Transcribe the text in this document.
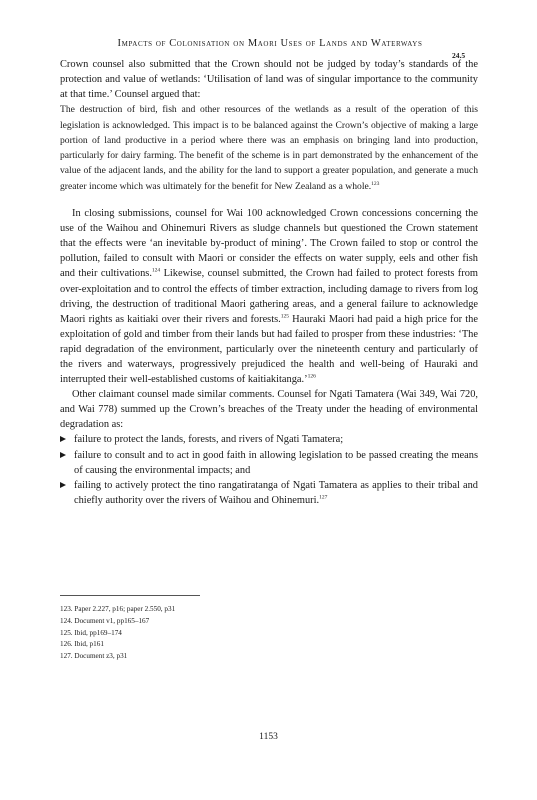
Impacts of Colonisation on Maori Uses of Lands and Waterways
24.5

Crown counsel also submitted that the Crown should not be judged by today’s standards of the protection and value of wetlands: ‘Utilisation of land was of singular importance to the community at that time.’ Counsel argued that:

The destruction of bird, fish and other resources of the wetlands as a result of the operation of this legislation is acknowledged. This impact is to be balanced against the Crown’s objective of making a large portion of land productive in a period where there was an emphasis on bringing land into production, particularly for dairy farming. The benefit of the scheme is in part demonstrated by the enhancement of the value of the adjacent lands, and the ability for the land to support a greater population, and generate a much greater income which was ultimately for the benefit for New Zealand as a whole.$^{123}$

In closing submissions, counsel for Wai 100 acknowledged Crown concessions concerning the use of the Waihou and Ohinemuri Rivers as sludge channels but questioned the Crown statement that the effects were ‘an inevitable by-product of mining’. The Crown failed to stop or control the pollution, failed to consult with Maori or consider the effects on water supply, eels and other fish and their cultivations.$^{124}$ Likewise, counsel submitted, the Crown had failed to protect forests from over-exploitation and to control the effects of timber extraction, including damage to rivers from log driving, the destruction of traditional Maori gathering areas, and a general failure to acknowledge Maori rights as kaitiaki over their rivers and forests.$^{125}$ Hauraki Maori had paid a high price for the exploitation of gold and timber from their lands but had failed to prosper from these industries: ‘The rapid degradation of the environment, particularly over the nineteenth century and particularly of the rivers and waterways, progressively prejudiced the health and well-being of Hauraki and interrupted their well-established customs of kaitiakitanga.’$^{126}$

Other claimant counsel made similar comments. Counsel for Ngati Tamatera (Wai 349, Wai 720, and Wai 778) summed up the Crown’s breaches of the Treaty under the heading of environmental degradation as:

failure to protect the lands, forests, and rivers of Ngati Tamatera;
failure to consult and to act in good faith in allowing legislation to be passed creating the means of causing the environmental impacts; and
failing to actively protect the tino rangatiratanga of Ngati Tamatera as applies to their tribal and chiefly authority over the rivers of Waihou and Ohinemuri.$^{127}$
123. Paper 2.227, p16; paper 2.550, p31
124. Document v1, pp165–167
125. Ibid, pp169–174
126. Ibid, p161
127. Document z3, p31
1153
